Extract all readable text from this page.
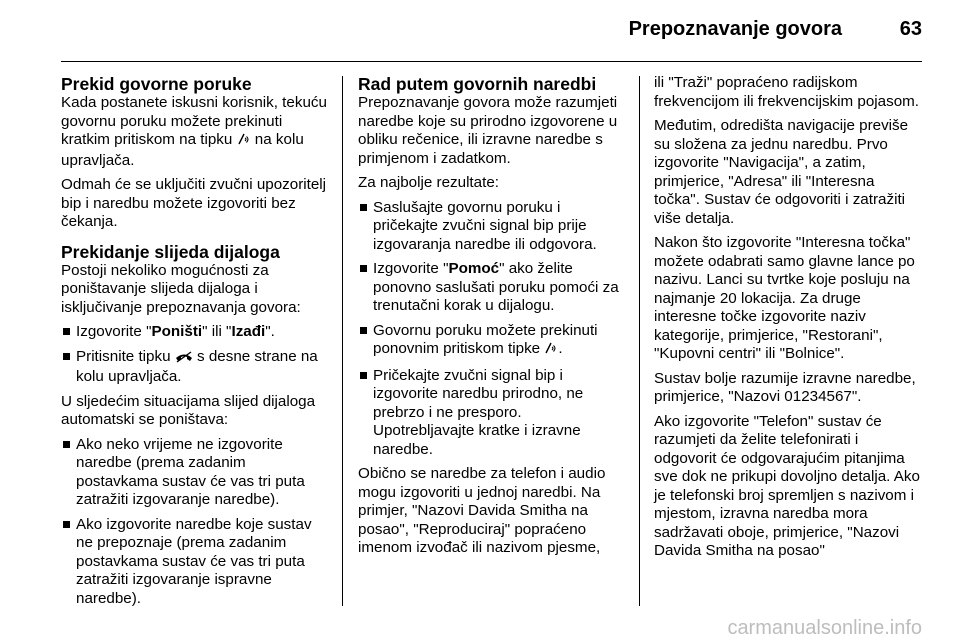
Prepoznavanje govora	63
Prekid govorne poruke

Kada postanete iskusni korisnik, tekuću govornu poruku možete prekinuti kratkim pritiskom na tipku na kolu upravljača.

Odmah će se uključiti zvučni upozoritelj bip i naredbu možete izgovoriti bez čekanja.

Prekidanje slijeda dijaloga

Postoji nekoliko mogućnosti za poništavanje slijeda dijaloga i isključivanje prepoznavanja govora:

Izgovorite "Poništi" ili "Izađi".
Pritisnite tipku s desne strane na kolu upravljača.

U sljedećim situacijama slijed dijaloga automatski se poništava:

Ako neko vrijeme ne izgovorite naredbe (prema zadanim postavkama sustav će vas tri puta zatražiti izgovaranje naredbe).
Ako izgovorite naredbe koje sustav ne prepoznaje (prema zadanim postavkama sustav će vas tri puta zatražiti izgovaranje ispravne naredbe).
Rad putem govornih naredbi

Prepoznavanje govora može razumjeti naredbe koje su prirodno izgovorene u obliku rečenice, ili izravne naredbe s primjenom i zadatkom.

Za najbolje rezultate:

Saslušajte govornu poruku i pričekajte zvučni signal bip prije izgovaranja naredbe ili odgovora.
Izgovorite "Pomoć" ako želite ponovno saslušati poruku pomoći za trenutačni korak u dijalogu.
Govornu poruku možete prekinuti ponovnim pritiskom tipke .
Pričekajte zvučni signal bip i izgovorite naredbu prirodno, ne prebrzo i ne presporo. Upotrebljavajte kratke i izravne naredbe.

Obično se naredbe za telefon i audio mogu izgovoriti u jednoj naredbi. Na primjer, "Nazovi Davida Smitha na posao", "Reproduciraj" popraćeno imenom izvođač ili nazivom pjesme,

ili "Traži" popraćeno radijskom frekvencijom ili frekvencijskim pojasom.

Međutim, odredišta navigacije previše su složena za jednu naredbu. Prvo izgovorite "Navigacija", a zatim, primjerice, "Adresa" ili "Interesna točka". Sustav će odgovoriti i zatražiti više detalja.

Nakon što izgovorite "Interesna točka" možete odabrati samo glavne lance po nazivu. Lanci su tvrtke koje posluju na najmanje 20 lokacija. Za druge interesne točke izgovorite naziv kategorije, primjerice, "Restorani", "Kupovni centri" ili "Bolnice".

Sustav bolje razumije izravne naredbe, primjerice, "Nazovi 01234567".

Ako izgovorite "Telefon" sustav će razumjeti da želite telefonirati i odgovorit će odgovarajućim pitanjima sve dok ne prikupi dovoljno detalja. Ako je telefonski broj spremljen s nazivom i mjestom, izravna naredba mora sadržavati oboje, primjerice, "Nazovi Davida Smitha na posao"

carmanualsonline.info
